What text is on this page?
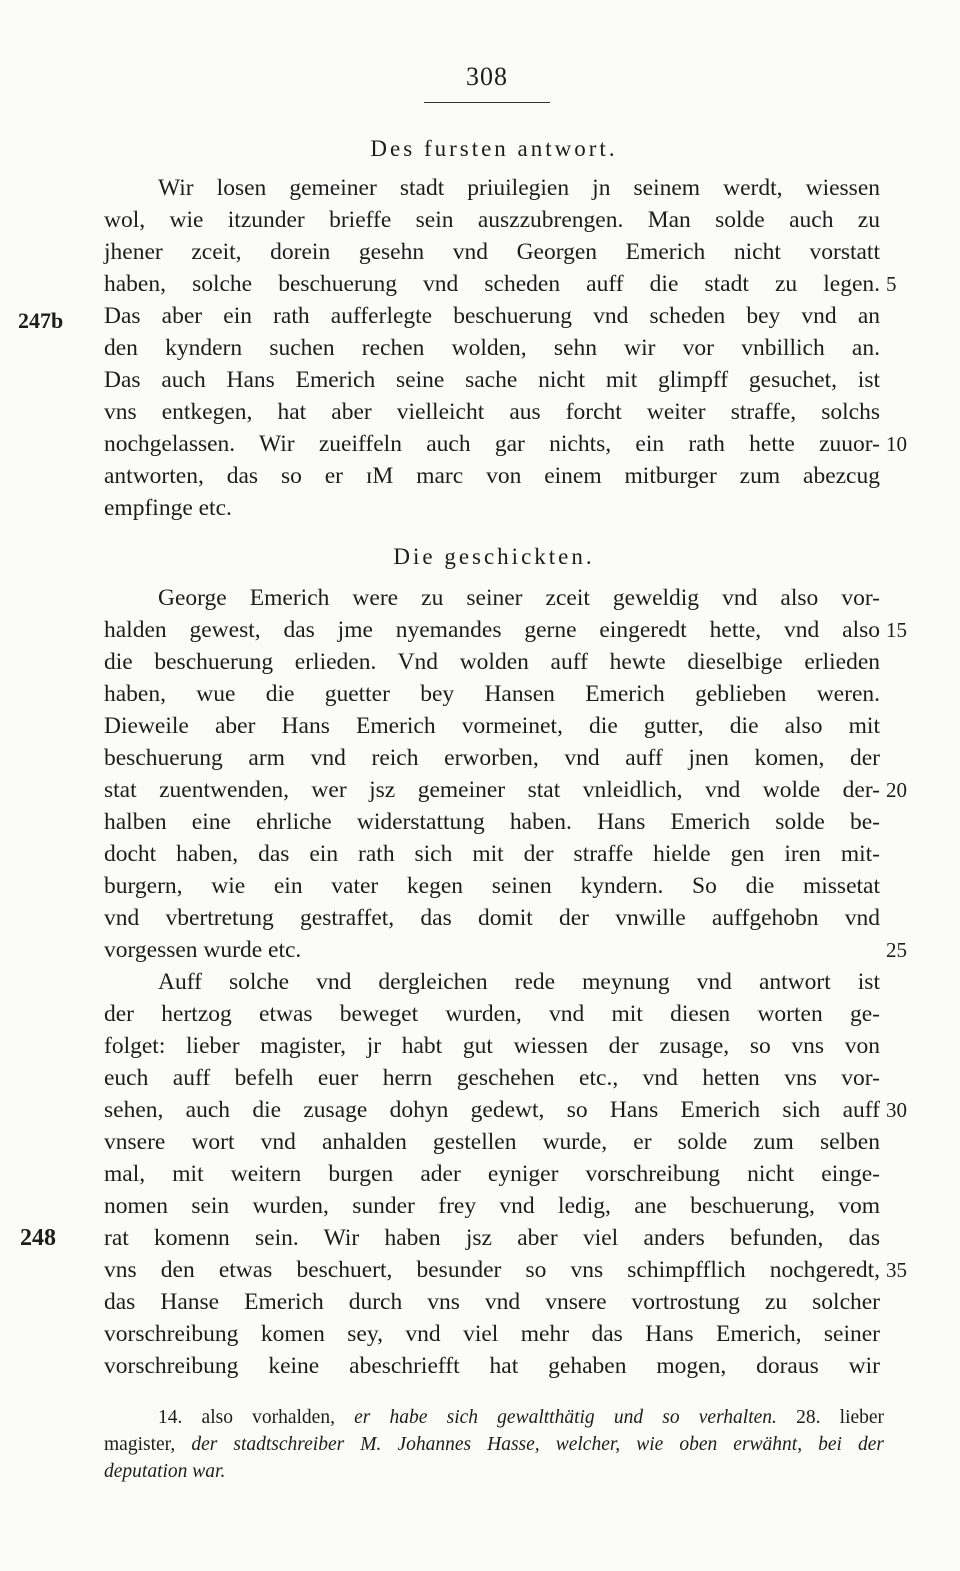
308
Des fursten antwort.
Wir losen gemeiner stadt priuilegien jn seinem werdt, wiessen
wol, wie itzunder brieffe sein auszzubrengen. Man solde auch zu
jhener zceit, dorein gesehn vnd Georgen Emerich nicht vorstatt
haben, solche beschuerung vnd scheden auff die stadt zu legen. 5
247b	Das aber ein rath aufferlegte beschuerung vnd scheden bey vnd an
den kyndern suchen rechen wolden, sehn wir vor vnbillich an.
Das auch Hans Emerich seine sache nicht mit glimpff gesuchet, ist
vns entkegen, hat aber vielleicht aus forcht weiter straffe, solchs
nochgelassen. Wir zueiffeln auch gar nichts, ein rath hette zuuor- 10
antworten, das so er ɪM marc von einem mitburger zum abezcug
empfinge etc.
Die geschickten.
George Emerich were zu seiner zceit geweldig vnd also vor-
halden gewest, das jme nyemandes gerne eingeredt hette, vnd also 15
die beschuerung erlieden. Vnd wolden auff hewte dieselbige erlieden
haben, wue die guetter bey Hansen Emerich geblieben weren.
Dieweile aber Hans Emerich vormeinet, die gutter, die also mit
beschuerung arm vnd reich erworben, vnd auff jnen komen, der
stat zuentwenden, wer jsz gemeiner stat vnleidlich, vnd wolde der- 20
halben eine ehrliche widerstattung haben. Hans Emerich solde be-
docht haben, das ein rath sich mit der straffe hielde gen iren mit-
burgern, wie ein vater kegen seinen kyndern. So die missetat
vnd vbertretung gestraffet, das domit der vnwille auffgehobn vnd
vorgessen wurde etc.	25
Auff solche vnd dergleichen rede meynung vnd antwort ist
der hertzog etwas beweget wurden, vnd mit diesen worten ge-
folget: lieber magister, jr habt gut wiessen der zusage, so vns von
euch auff befelh euer herrn geschehen etc., vnd hetten vns vor-
sehen, auch die zusage dohyn gedewt, so Hans Emerich sich auff 30
vnsere wort vnd anhalden gestellen wurde, er solde zum selben
mal, mit weitern burgen ader eyniger vorschreibung nicht einge-
nomen sein wurden, sunder frey vnd ledig, ane beschuerung, vom
248	rat komenn sein. Wir haben jsz aber viel anders befunden, das
vns den etwas beschuert, besunder so vns schimpfflich nochgeredt, 35
das Hanse Emerich durch vns vnd vnsere vortrostung zu solcher
vorschreibung komen sey, vnd viel mehr das Hans Emerich, seiner
vorschreibung keine abeschriefft hat gehaben mogen, doraus wir
14. also vorhalden, er habe sich gewaltthätig und so verhalten. 28. lieber
magister, der stadtschreiber M. Johannes Hasse, welcher, wie oben erwähnt, bei der
deputation war.
